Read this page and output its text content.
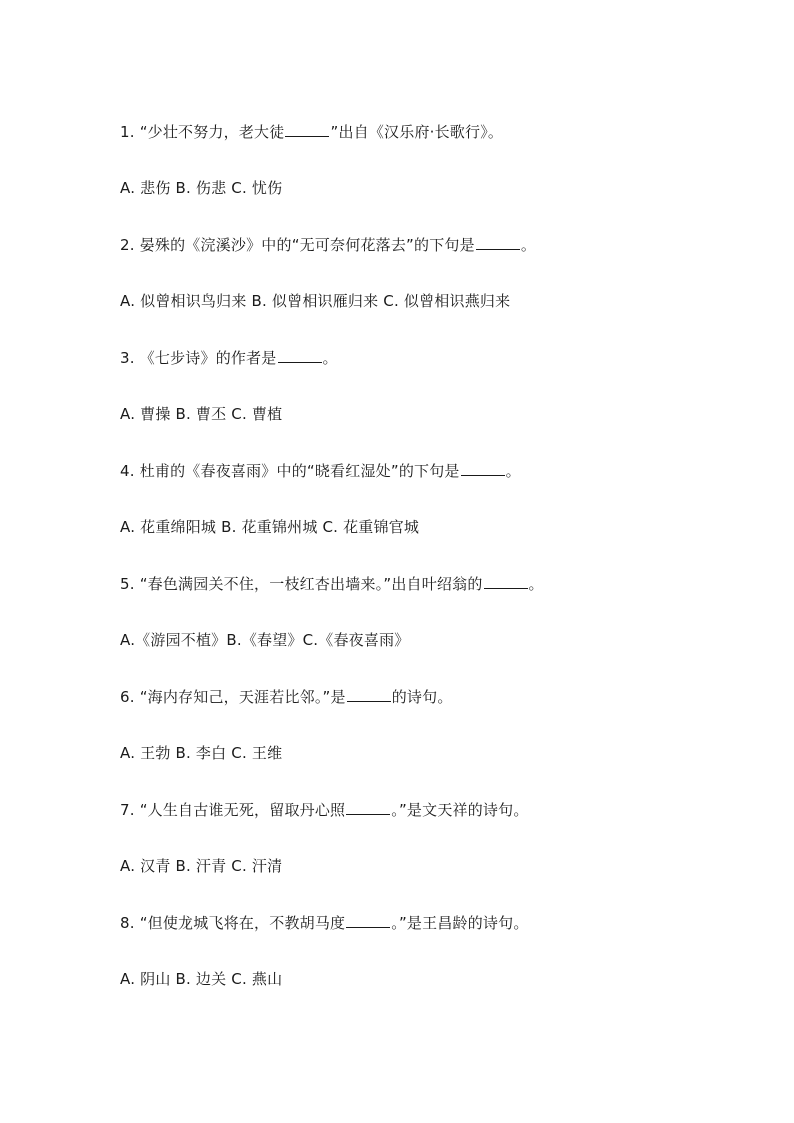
1. “少壮不努力，老大徒	”出自《汉乐府·长歌行》。
A. 悲伤 B. 伤悲 C. 忧伤
2. 晏殊的《浣溪沙》中的“无可奈何花落去”的下句是	。
A. 似曾相识鸟归来 B. 似曾相识雁归来 C. 似曾相识燕归来
3. 《七步诗》的作者是	。
A. 曹操 B. 曹丕 C. 曹植
4. 杜甫的《春夜喜雨》中的“晓看红湿处”的下句是	。
A. 花重绵阳城 B. 花重锦州城 C. 花重锦官城
5. “春色满园关不住，一枝红杏出墙来。”出自叶绍翁的	。
A.《游园不植》B.《春望》C.《春夜喜雨》
6. “海内存知己，天涯若比邻。”是	的诗句。
A. 王勃 B. 李白 C. 王维
7. “人生自古谁无死，留取丹心照	。”是文天祥的诗句。
A. 汉青 B. 汗青 C. 汗清
8. “但使龙城飞将在，不教胡马度	。”是王昌龄的诗句。
A. 阴山 B. 边关 C. 燕山
